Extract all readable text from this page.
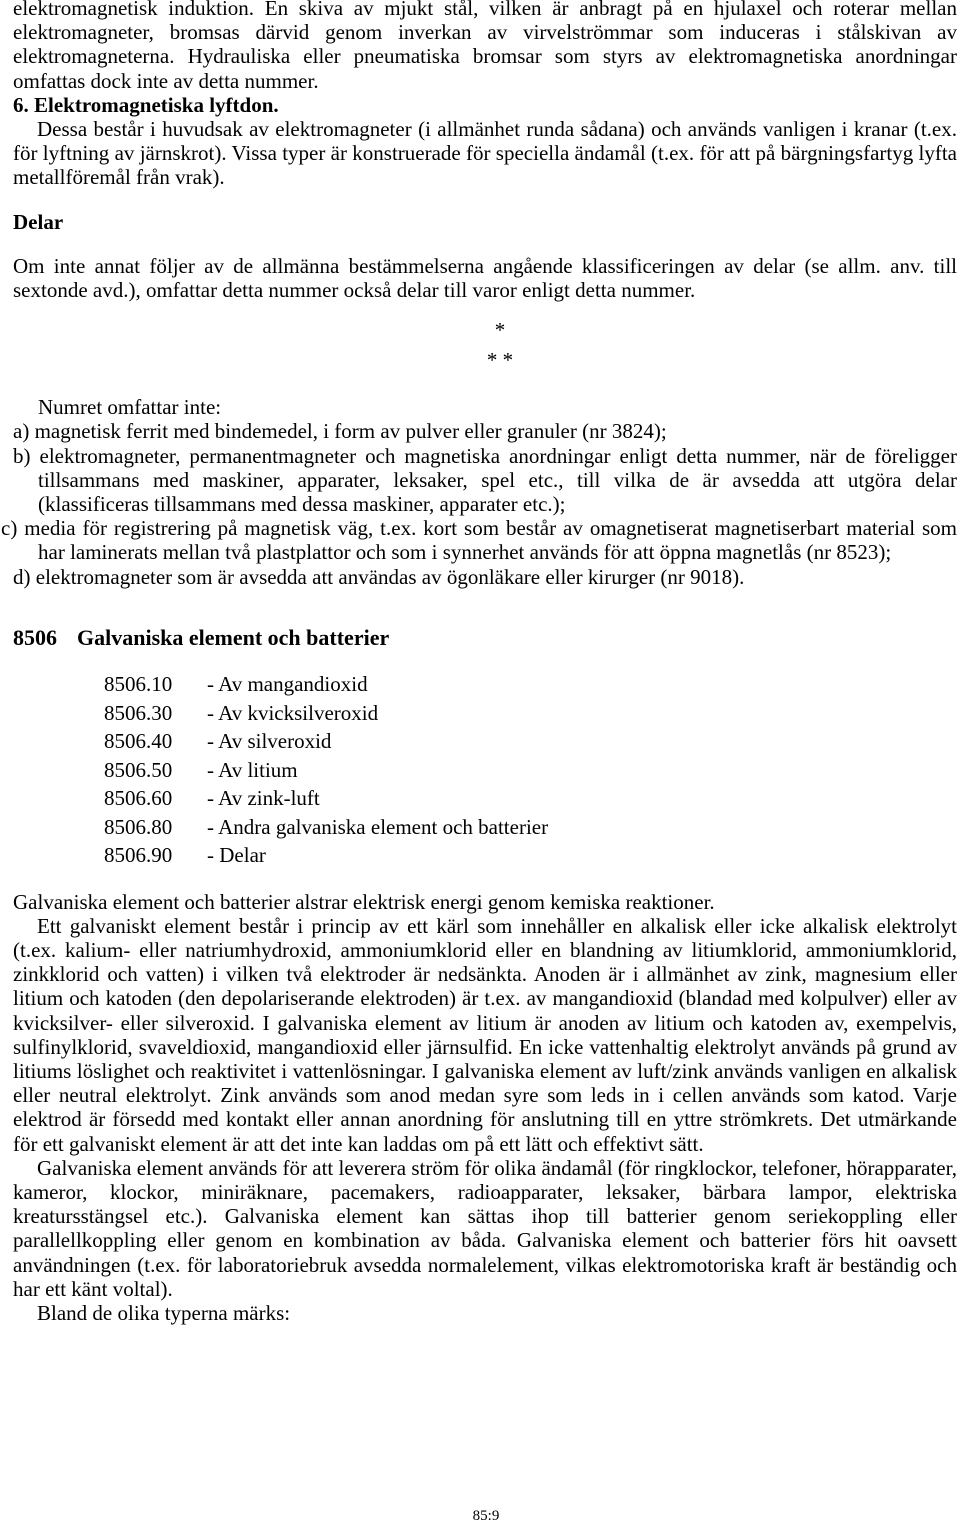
elektromagnetisk induktion. En skiva av mjukt stål, vilken är anbragt på en hjulaxel och roterar mellan elektromagneter, bromsas därvid genom inverkan av virvelströmmar som induceras i stålskivan av elektromagneterna. Hydrauliska eller pneumatiska bromsar som styrs av elektromagnetiska anordningar omfattas dock inte av detta nummer.

6. Elektromagnetiska lyftdon.

Dessa består i huvudsak av elektromagneter (i allmänhet runda sådana) och används vanligen i kranar (t.ex. för lyftning av järnskrot). Vissa typer är konstruerade för speciella ändamål (t.ex. för att på bärgningsfartyg lyfta metallföremål från vrak).

Delar

Om inte annat följer av de allmänna bestämmelserna angående klassificeringen av delar (se allm. anv. till sextonde avd.), omfattar detta nummer också delar till varor enligt detta nummer.

*
* *

Numret omfattar inte:

a) magnetisk ferrit med bindemedel, i form av pulver eller granuler (nr 3824);

b) elektromagneter, permanentmagneter och magnetiska anordningar enligt detta nummer, när de föreligger tillsammans med maskiner, apparater, leksaker, spel etc., till vilka de är avsedda att utgöra delar (klassificeras tillsammans med dessa maskiner, apparater etc.);

c) media för registrering på magnetisk väg, t.ex. kort som består av omagnetiserat magnetiserbart material som har laminerats mellan två plastplattor och som i synnerhet används för att öppna magnetlås (nr 8523);

d) elektromagneter som är avsedda att användas av ögonläkare eller kirurger (nr 9018).

8506 Galvaniska element och batterier
8506.10	- Av mangandioxid
8506.30	- Av kvicksilveroxid
8506.40	- Av silveroxid
8506.50	- Av litium
8506.60	- Av zink-luft
8506.80	- Andra galvaniska element och batterier
8506.90	- Delar

Galvaniska element och batterier alstrar elektrisk energi genom kemiska reaktioner.

Ett galvaniskt element består i princip av ett kärl som innehåller en alkalisk eller icke alkalisk elektrolyt (t.ex. kalium- eller natriumhydroxid, ammoniumklorid eller en blandning av litiumklorid, ammoniumklorid, zinkklorid och vatten) i vilken två elektroder är nedsänkta. Anoden är i allmänhet av zink, magnesium eller litium och katoden (den depolariserande elektroden) är t.ex. av mangandioxid (blandad med kolpulver) eller av kvicksilver- eller silveroxid. I galvaniska element av litium är anoden av litium och katoden av, exempelvis, sulfinylklorid, svaveldioxid, mangandioxid eller järnsulfid. En icke vattenhaltig elektrolyt används på grund av litiums löslighet och reaktivitet i vattenlösningar. I galvaniska element av luft/zink används vanligen en alkalisk eller neutral elektrolyt. Zink används som anod medan syre som leds in i cellen används som katod. Varje elektrod är försedd med kontakt eller annan anordning för anslutning till en yttre strömkrets. Det utmärkande för ett galvaniskt element är att det inte kan laddas om på ett lätt och effektivt sätt.

Galvaniska element används för att leverera ström för olika ändamål (för ringklockor, telefoner, hörapparater, kameror, klockor, miniräknare, pacemakers, radioapparater, leksaker, bärbara lampor, elektriska kreatursstängsel etc.). Galvaniska element kan sättas ihop till batterier genom seriekoppling eller parallellkoppling eller genom en kombination av båda. Galvaniska element och batterier förs hit oavsett användningen (t.ex. för laboratoriebruk avsedda normalelement, vilkas elektromotoriska kraft är beständig och har ett känt voltal).

Bland de olika typerna märks:

85:9
